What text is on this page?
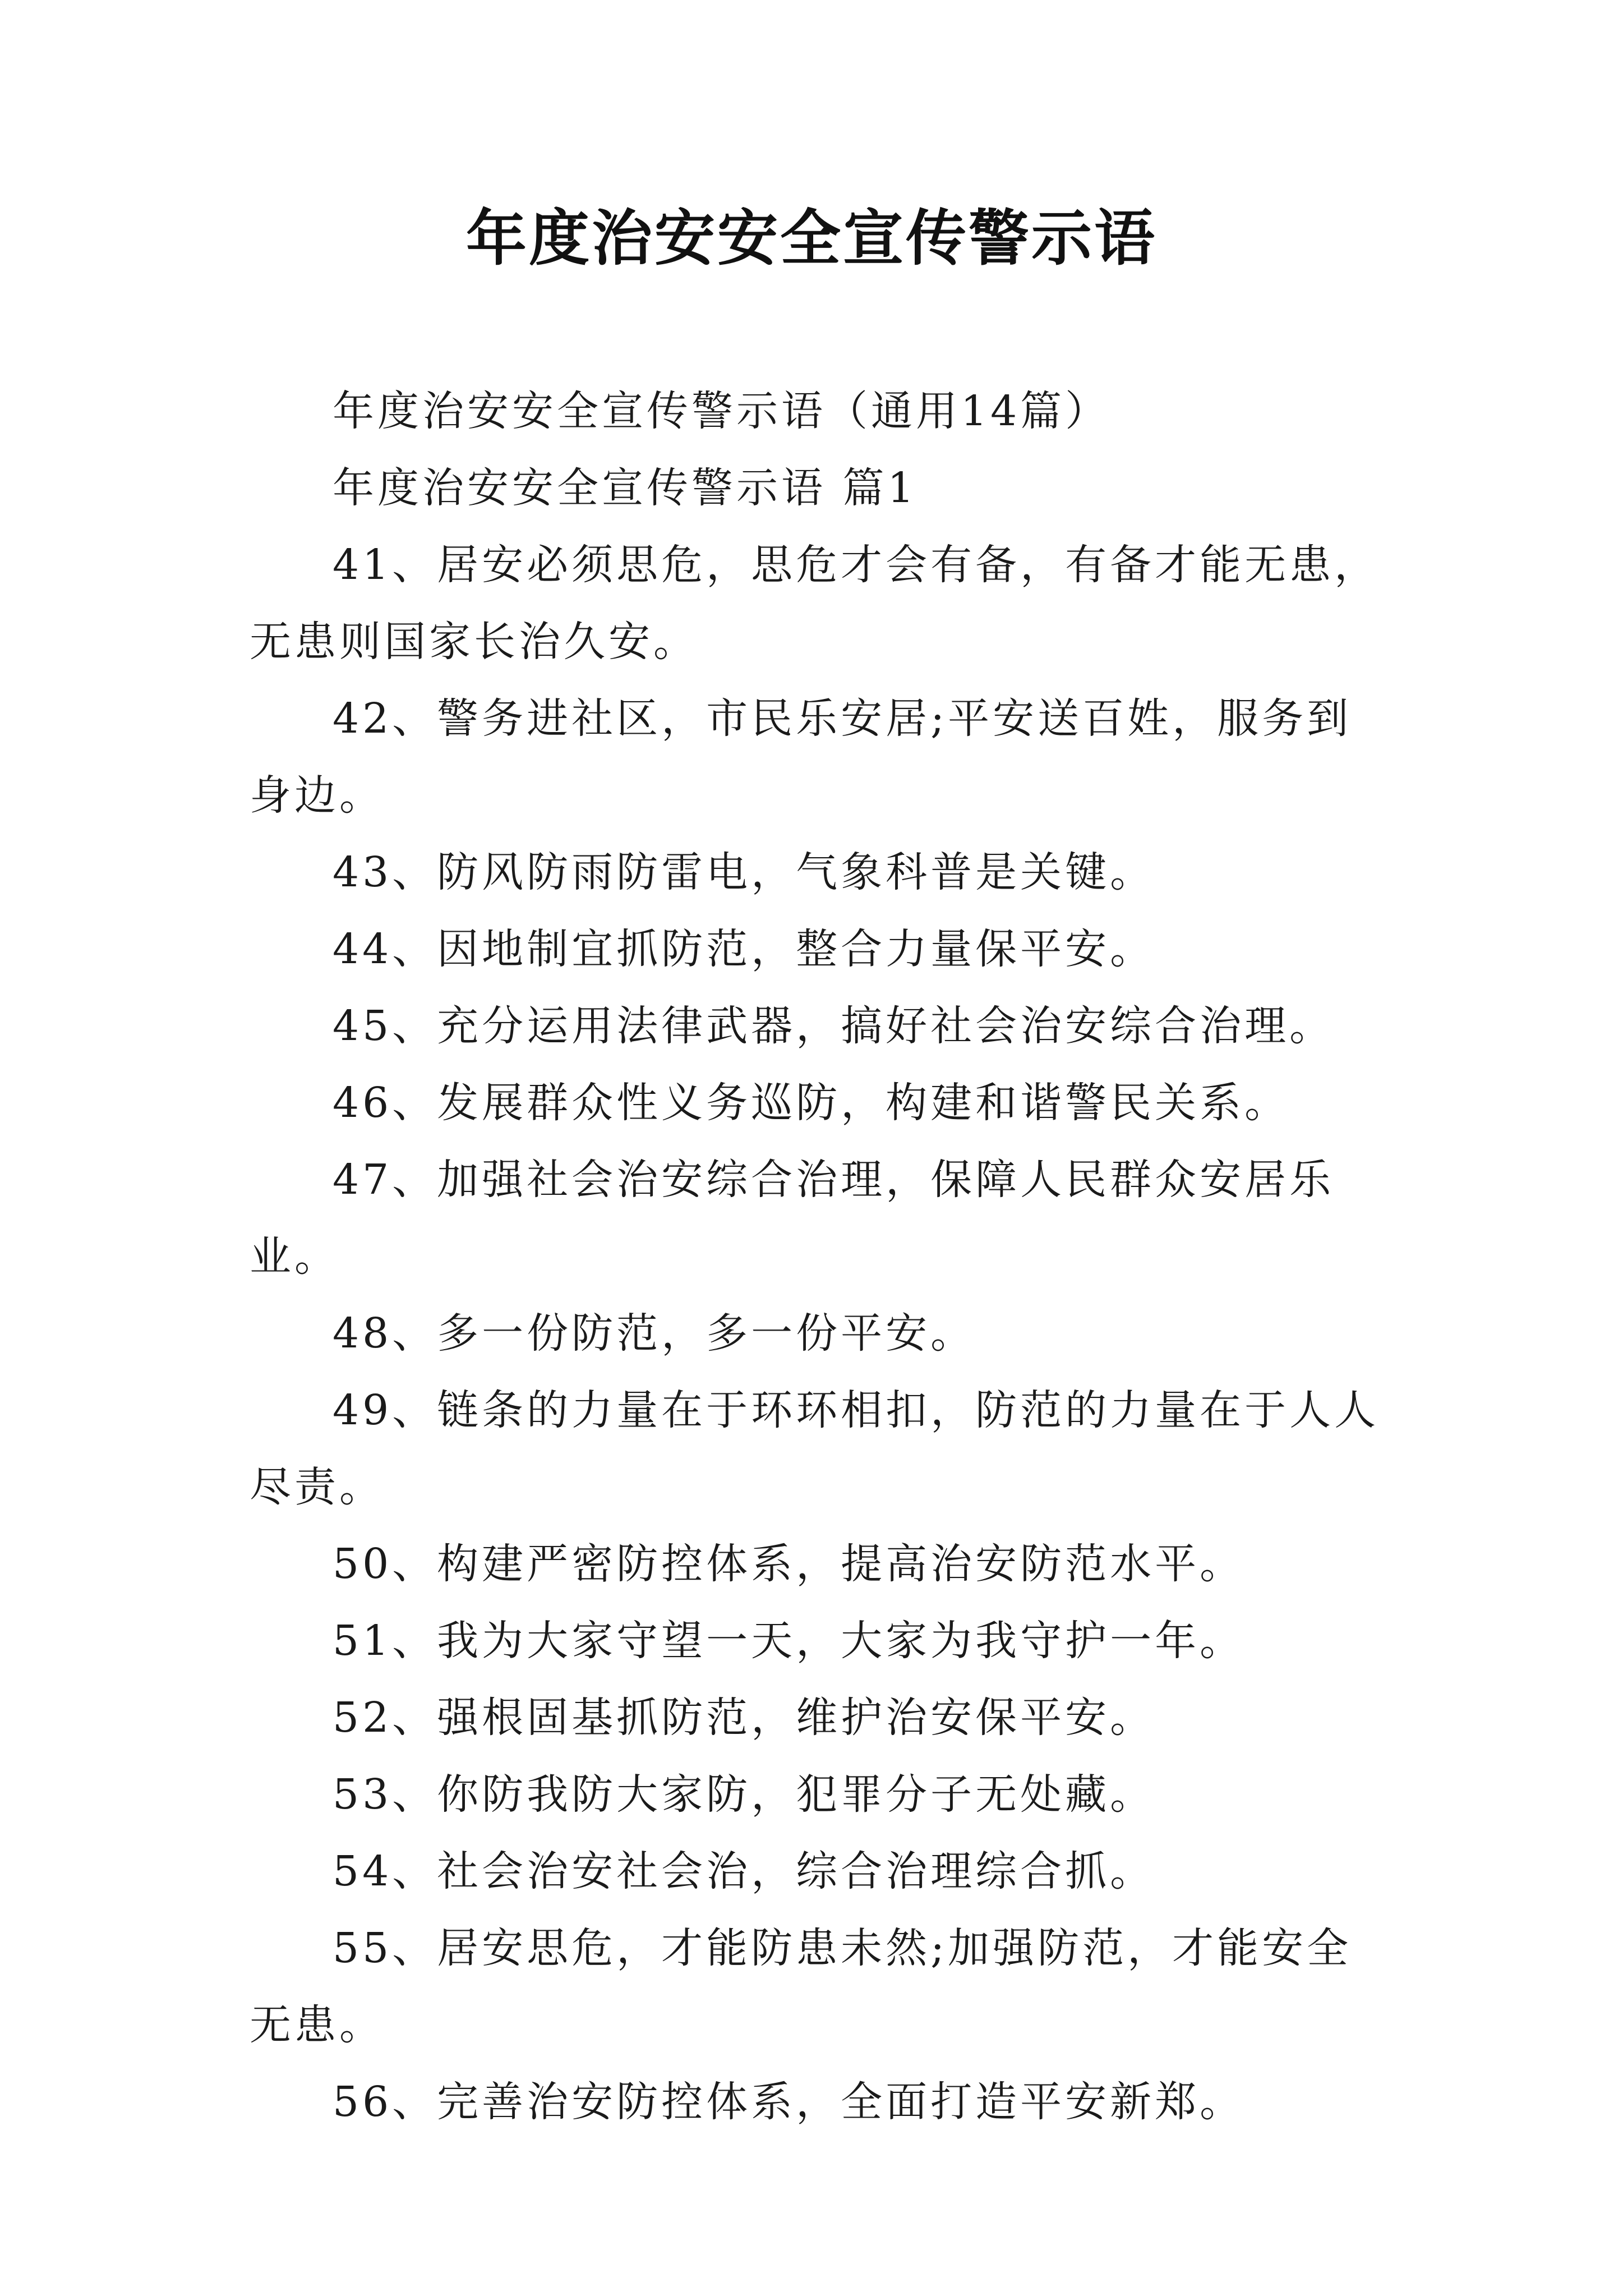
年度治安安全宣传警示语

年度治安安全宣传警示语（通用14篇）

年度治安安全宣传警示语 篇1

41、居安必须思危，思危才会有备，有备才能无患，无患则国家长治久安。

42、警务进社区，市民乐安居;平安送百姓，服务到身边。

43、防风防雨防雷电，气象科普是关键。

44、因地制宜抓防范，整合力量保平安。

45、充分运用法律武器，搞好社会治安综合治理。

46、发展群众性义务巡防，构建和谐警民关系。

47、加强社会治安综合治理，保障人民群众安居乐业。

48、多一份防范，多一份平安。

49、链条的力量在于环环相扣，防范的力量在于人人尽责。

50、构建严密防控体系，提高治安防范水平。

51、我为大家守望一天，大家为我守护一年。

52、强根固基抓防范，维护治安保平安。

53、你防我防大家防，犯罪分子无处藏。

54、社会治安社会治，综合治理综合抓。

55、居安思危，才能防患未然;加强防范，才能安全无患。

56、完善治安防控体系，全面打造平安新郑。
